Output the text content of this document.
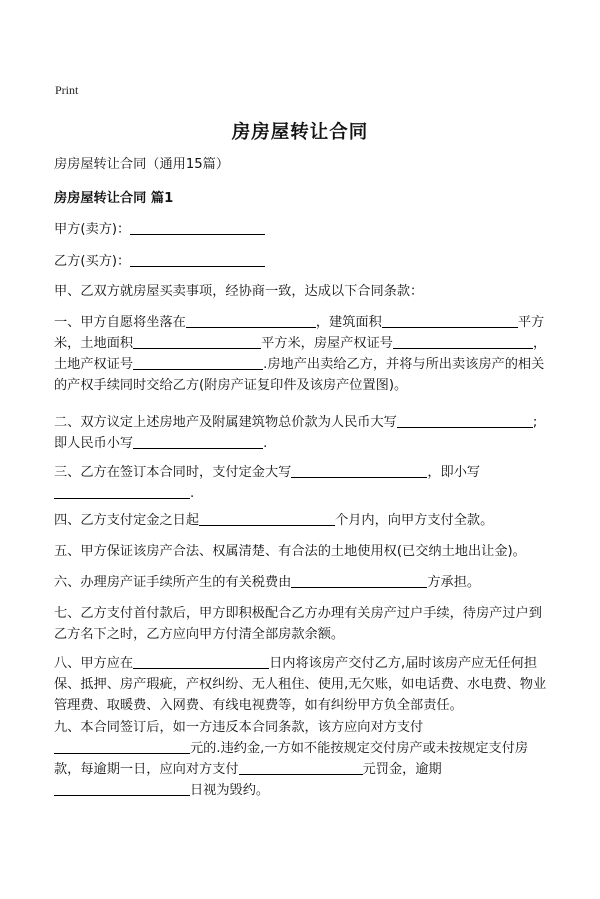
Print
房房屋转让合同
房房屋转让合同（通用15篇）
房房屋转让合同 篇1
甲方(卖方)：
乙方(买方)：
甲、乙双方就房屋买卖事项，经协商一致，达成以下合同条款：
一、甲方自愿将坐落在	，建筑面积	平方米，土地面积	平方米，房屋产权证号	，土地产权证号	.房地产出卖给乙方，并将与所出卖该房产的相关的产权手续同时交给乙方(附房产证复印件及该房产位置图)。
二、双方议定上述房地产及附属建筑物总价款为人民币大写	;即人民币小写	.
三、乙方在签订本合同时，支付定金大写	，即小写.
四、乙方支付定金之日起	个月内，向甲方支付全款。
五、甲方保证该房产合法、权属清楚、有合法的土地使用权(已交纳土地出让金)。
六、办理房产证手续所产生的有关税费由	方承担。
七、乙方支付首付款后，甲方即积极配合乙方办理有关房产过户手续，待房产过户到乙方名下之时，乙方应向甲方付清全部房款余额。
八、甲方应在	日内将该房产交付乙方,届时该房产应无任何担保、抵押、房产瑕疵，产权纠纷、无人租住、使用,无欠账，如电话费、水电费、物业管理费、取暖费、入网费、有线电视费等，如有纠纷甲方负全部责任。
九、本合同签订后，如一方违反本合同条款，该方应向对方支付元的.违约金,一方如不能按规定交付房产或未按规定支付房款，每逾期一日，应向对方支付	元罚金，逾期日视为毁约。
